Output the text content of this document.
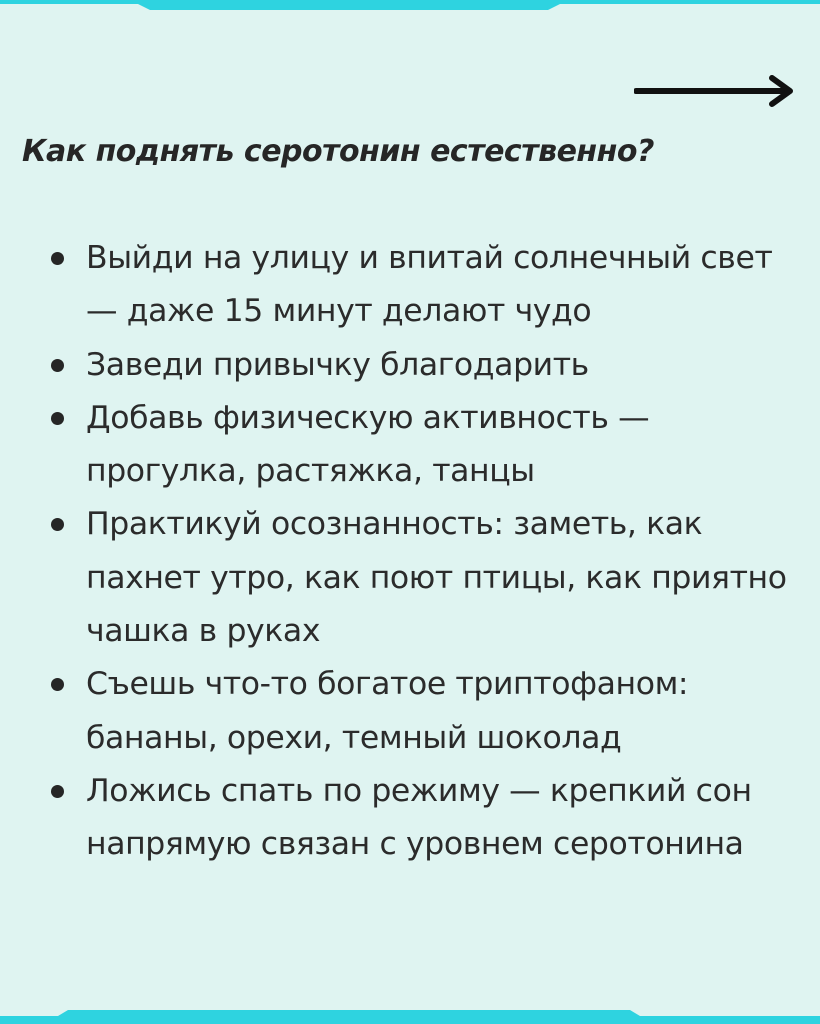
Как поднять серотонин естественно?
Выйди на улицу и впитай солнечный свет — даже 15 минут делают чудо
Заведи привычку благодарить
Добавь физическую активность — прогулка, растяжка, танцы
Практикуй осознанность: заметь, как пахнет утро, как поют птицы, как приятно чашка в руках
Съешь что-то богатое триптофаном: бананы, орехи, темный шоколад
Ложись спать по режиму — крепкий сон напрямую связан с уровнем серотонина
